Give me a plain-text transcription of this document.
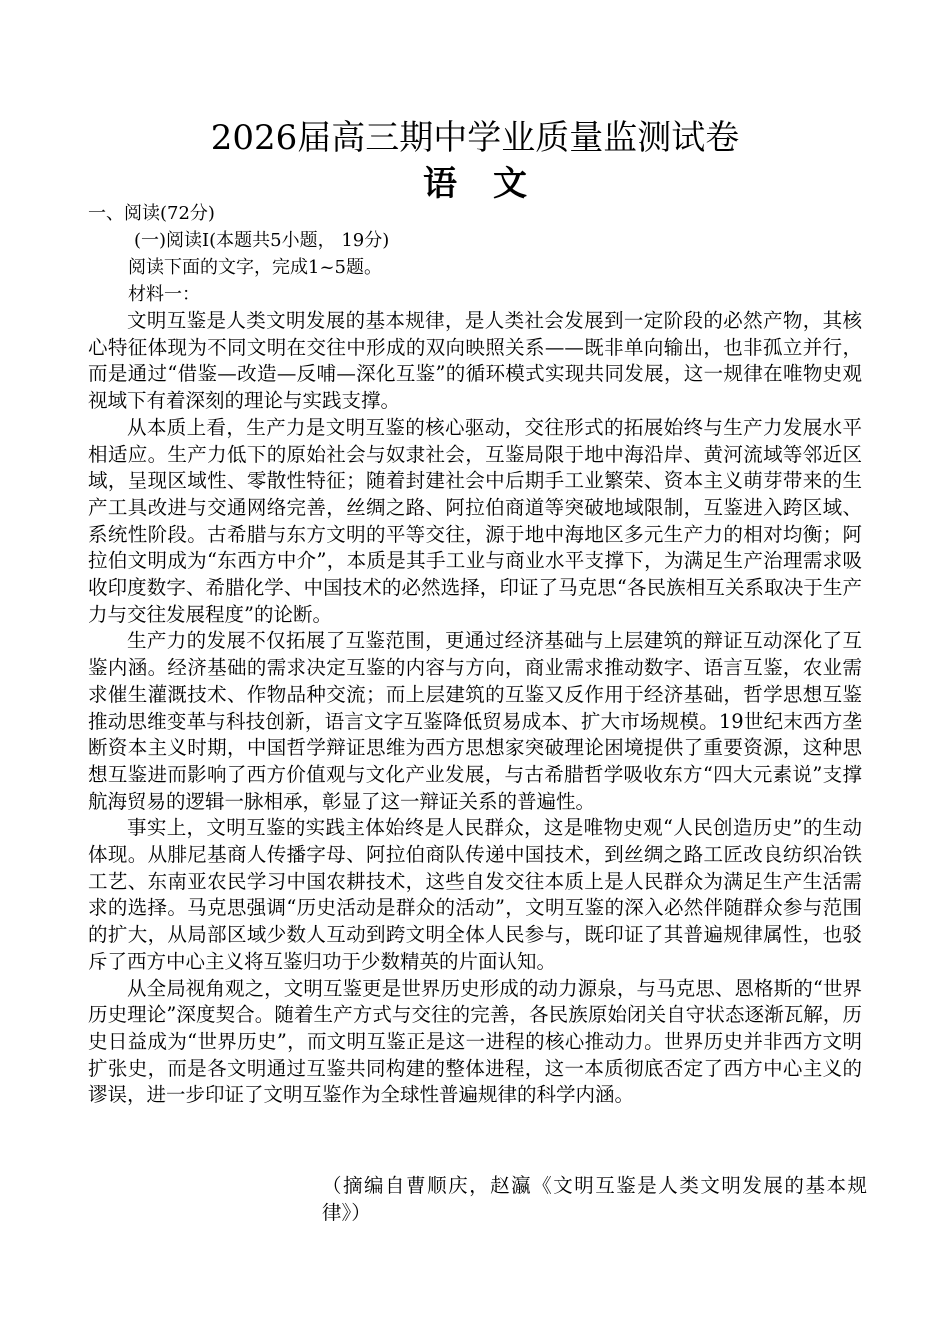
2026届高三期中学业质量监测试卷
语文
一、阅读(72分)
(一)阅读Ⅰ(本题共5小题， 19分)
阅读下面的文字，完成1~5题。
材料一：

文明互鉴是人类文明发展的基本规律，是人类社会发展到一定阶段的必然产物，其核心特征体现为不同文明在交往中形成的双向映照关系——既非单向输出，也非孤立并行，而是通过“借鉴—改造—反哺—深化互鉴”的循环模式实现共同发展，这一规律在唯物史观视域下有着深刻的理论与实践支撑。

从本质上看，生产力是文明互鉴的核心驱动，交往形式的拓展始终与生产力发展水平相适应。生产力低下的原始社会与奴隶社会，互鉴局限于地中海沿岸、黄河流域等邻近区域，呈现区域性、零散性特征；随着封建社会中后期手工业繁荣、资本主义萌芽带来的生产工具改进与交通网络完善，丝绸之路、阿拉伯商道等突破地域限制，互鉴进入跨区域、系统性阶段。古希腊与东方文明的平等交往，源于地中海地区多元生产力的相对均衡；阿拉伯文明成为“东西方中介”，本质是其手工业与商业水平支撑下，为满足生产治理需求吸收印度数字、希腊化学、中国技术的必然选择，印证了马克思“各民族相互关系取决于生产力与交往发展程度”的论断。

生产力的发展不仅拓展了互鉴范围，更通过经济基础与上层建筑的辩证互动深化了互鉴内涵。经济基础的需求决定互鉴的内容与方向，商业需求推动数字、语言互鉴，农业需求催生灌溉技术、作物品种交流；而上层建筑的互鉴又反作用于经济基础，哲学思想互鉴推动思维变革与科技创新，语言文字互鉴降低贸易成本、扩大市场规模。19世纪末西方垄断资本主义时期，中国哲学辩证思维为西方思想家突破理论困境提供了重要资源，这种思想互鉴进而影响了西方价值观与文化产业发展，与古希腊哲学吸收东方“四大元素说”支撑航海贸易的逻辑一脉相承，彰显了这一辩证关系的普遍性。

事实上，文明互鉴的实践主体始终是人民群众，这是唯物史观“人民创造历史”的生动体现。从腓尼基商人传播字母、阿拉伯商队传递中国技术，到丝绸之路工匠改良纺织冶铁工艺、东南亚农民学习中国农耕技术，这些自发交往本质上是人民群众为满足生产生活需求的选择。马克思强调“历史活动是群众的活动”，文明互鉴的深入必然伴随群众参与范围的扩大，从局部区域少数人互动到跨文明全体人民参与，既印证了其普遍规律属性，也驳斥了西方中心主义将互鉴归功于少数精英的片面认知。

从全局视角观之，文明互鉴更是世界历史形成的动力源泉，与马克思、恩格斯的“世界历史理论”深度契合。随着生产方式与交往的完善，各民族原始闭关自守状态逐渐瓦解，历史日益成为“世界历史”，而文明互鉴正是这一进程的核心推动力。世界历史并非西方文明扩张史，而是各文明通过互鉴共同构建的整体进程，这一本质彻底否定了西方中心主义的谬误，进一步印证了文明互鉴作为全球性普遍规律的科学内涵。

（摘编自曹顺庆，赵瀛《文明互鉴是人类文明发展的基本规律》）
